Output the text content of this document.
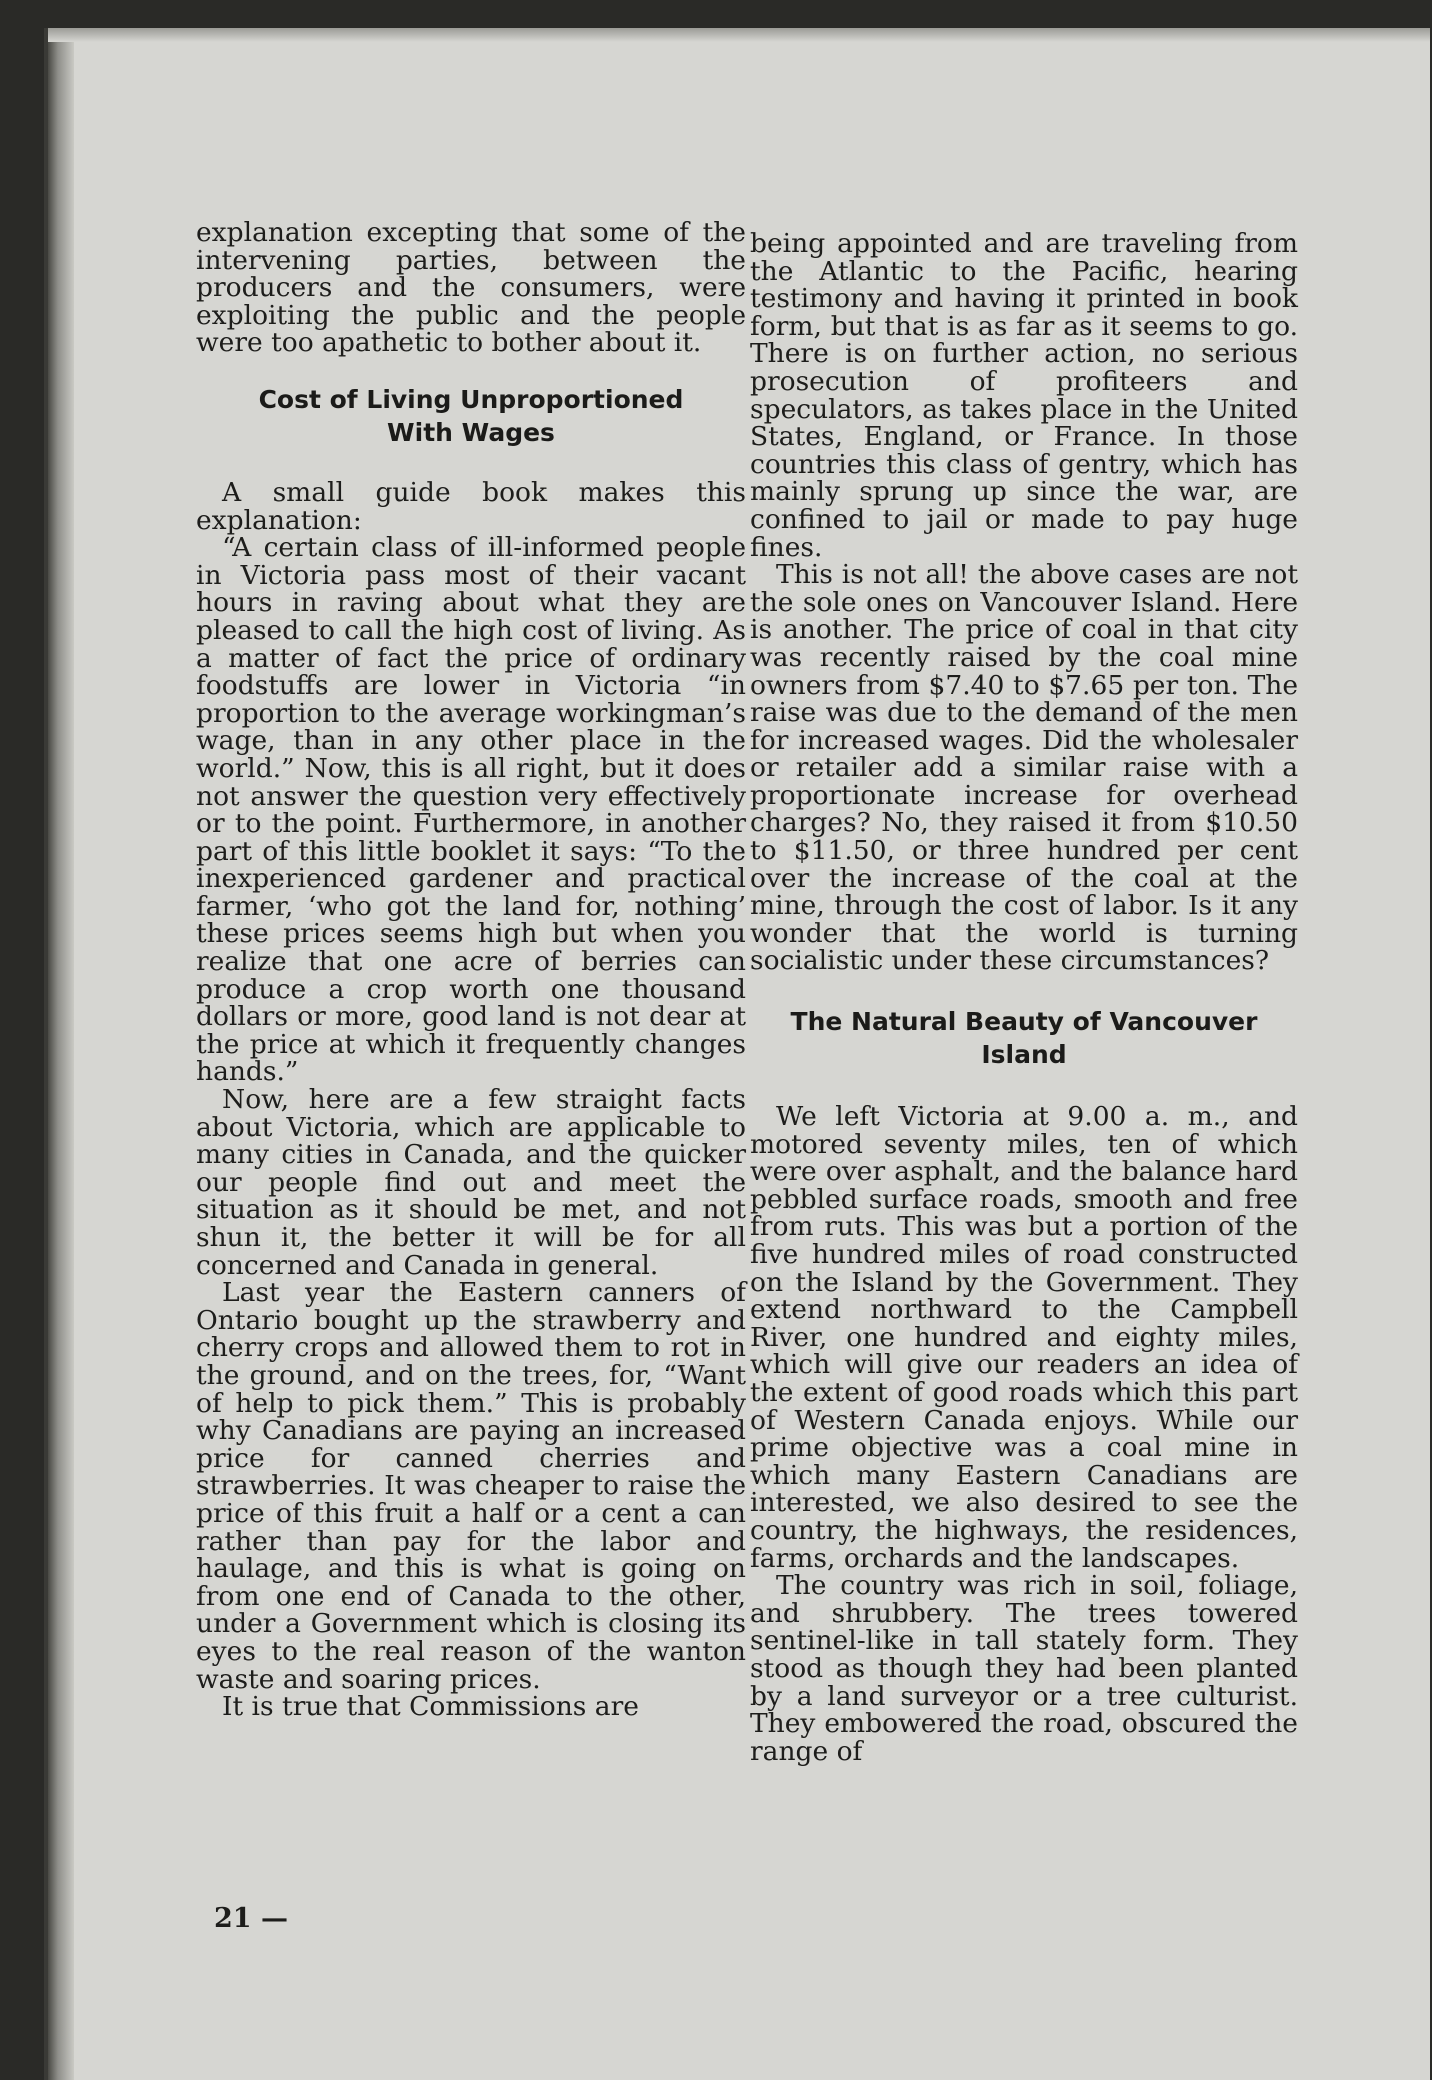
explanation excepting that some of the intervening parties, between the producers and the consumers, were exploiting the public and the people were too apathetic to bother about it.

Cost of Living Unproportioned
With Wages

A small guide book makes this explanation:

“A certain class of ill-informed people in Victoria pass most of their vacant hours in raving about what they are pleased to call the high cost of living. As a matter of fact the price of ordinary foodstuffs are lower in Victoria “in proportion to the average workingman’s wage, than in any other place in the world.” Now, this is all right, but it does not answer the question very effectively or to the point. Furthermore, in another part of this little booklet it says: “To the inexperienced gardener and practical farmer, ‘who got the land for, nothing’ these prices seems high but when you realize that one acre of berries can produce a crop worth one thousand dollars or more, good land is not dear at the price at which it frequently changes hands.”

Now, here are a few straight facts about Victoria, which are applicable to many cities in Canada, and the quicker our people find out and meet the situation as it should be met, and not shun it, the better it will be for all concerned and Canada in general.

Last year the Eastern canners of Ontario bought up the strawberry and cherry crops and allowed them to rot in the ground, and on the trees, for, “Want of help to pick them.” This is probably why Canadians are paying an increased price for canned cherries and strawberries. It was cheaper to raise the price of this fruit a half or a cent a can rather than pay for the labor and haulage, and this is what is going on from one end of Canada to the other, under a Government which is closing its eyes to the real reason of the wanton waste and soaring prices.

It is true that Commissions are

being appointed and are traveling from the Atlantic to the Pacific, hearing testimony and having it printed in book form, but that is as far as it seems to go. There is on further action, no serious prosecution of profiteers and speculators, as takes place in the United States, England, or France. In those countries this class of gentry, which has mainly sprung up since the war, are confined to jail or made to pay huge fines.

This is not all! the above cases are not the sole ones on Vancouver Island. Here is another. The price of coal in that city was recently raised by the coal mine owners from $7.40 to $7.65 per ton. The raise was due to the demand of the men for increased wages. Did the wholesaler or retailer add a similar raise with a proportionate increase for overhead charges? No, they raised it from $10.50 to $11.50, or three hundred per cent over the increase of the coal at the mine, through the cost of labor. Is it any wonder that the world is turning socialistic under these circumstances?

The Natural Beauty of Vancouver
Island

We left Victoria at 9.00 a. m., and motored seventy miles, ten of which were over asphalt, and the balance hard pebbled surface roads, smooth and free from ruts. This was but a portion of the five hundred miles of road constructed on the Island by the Government. They extend northward to the Campbell River, one hundred and eighty miles, which will give our readers an idea of the extent of good roads which this part of Western Canada enjoys. While our prime objective was a coal mine in which many Eastern Canadians are interested, we also desired to see the country, the highways, the residences, farms, orchards and the landscapes.

The country was rich in soil, foliage, and shrubbery. The trees towered sentinel-like in tall stately form. They stood as though they had been planted by a land surveyor or a tree culturist. They embowered the road, obscured the range of

21 —
